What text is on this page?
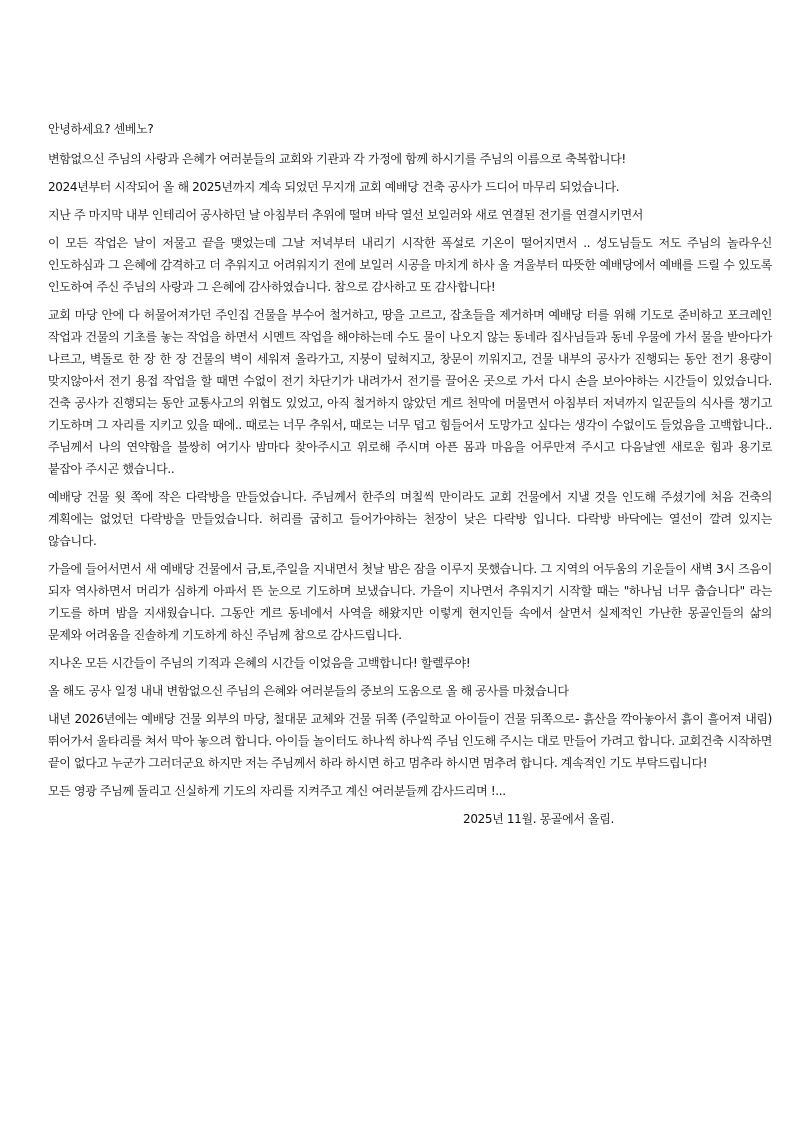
안녕하세요? 센베노?

변함없으신 주님의 사랑과 은혜가 여러분들의 교회와 기관과 각 가정에 함께 하시기를 주님의 이름으로 축복합니다!

2024년부터 시작되어 올 해 2025년까지 계속 되었던 무지개 교회 예배당 건축 공사가 드디어 마무리 되었습니다.

지난 주 마지막 내부 인테리어 공사하던 날 아침부터 추위에 떨며 바닥 열선 보일러와 새로 연결된 전기를 연결시키면서

이 모든 작업은 날이 저물고 끝을 맺었는데 그날 저녁부터 내리기 시작한 폭설로 기온이 떨어지면서 .. 성도님들도 저도 주님의 놀라우신 인도하심과 그 은혜에 감격하고 더 추워지고 어려워지기 전에 보일러 시공을 마치게 하사 올 겨울부터 따뜻한 예배당에서 예배를 드릴 수 있도록 인도하여 주신 주님의 사랑과 그 은혜에 감사하였습니다. 참으로 감사하고 또 감사합니다!

교회 마당 안에 다 허물어져가던 주인집 건물을 부수어 철거하고, 땅을 고르고, 잡초들을 제거하며 예배당 터를 위해 기도로 준비하고 포크레인 작업과 건물의 기초를 놓는 작업을 하면서 시멘트 작업을 해야하는데 수도 물이 나오지 않는 동네라 집사님들과 동네 우물에 가서 물을 받아다가 나르고, 벽돌로 한 장 한 장 건물의 벽이 세워져 올라가고, 지붕이 덮혀지고, 창문이 끼워지고, 건물 내부의 공사가 진행되는 동안 전기 용량이 맞지않아서 전기 용접 작업을 할 때면 수없이 전기 차단기가 내려가서 전기를 끌어온 곳으로 가서 다시 손을 보아야하는 시간들이 있었습니다. 건축 공사가 진행되는 동안 교통사고의 위협도 있었고, 아직 철거하지 않았던 게르 천막에 머물면서 아침부터 저녁까지 일꾼들의 식사를 챙기고 기도하며 그 자리를 지키고 있을 때에.. 때로는 너무 추워서, 때로는 너무 덥고 힘들어서 도망가고 싶다는 생각이 수없이도 들었음을 고백합니다.. 주님께서 나의 연약함을 불쌍히 여기사 밤마다 찾아주시고 위로해 주시며 아픈 몸과 마음을 어루만져 주시고 다음날엔 새로운 힘과 용기로 붙잡아 주시곤 했습니다..

예배당 건물 윗 쪽에 작은 다락방을 만들었습니다. 주님께서 한주의 며칠씩 만이라도 교회 건물에서 지낼 것을 인도해 주셨기에 처음 건축의 계획에는 없었던 다락방을 만들었습니다. 허리를 굽히고 들어가야하는 천장이 낮은 다락방 입니다. 다락방 바닥에는 열선이 깔려 있지는 않습니다.

가을에 들어서면서 새 예배당 건물에서 금,토,주일을 지내면서 첫날 밤은 잠을 이루지 못했습니다. 그 지역의 어두움의 기운들이 새벽 3시 즈음이 되자 역사하면서 머리가 심하게 아파서 뜬 눈으로 기도하며 보냈습니다. 가을이 지나면서 추워지기 시작할 때는 "하나님 너무 춥습니다" 라는 기도를 하며 밤을 지새웠습니다. 그동안 게르 동네에서 사역을 해왔지만 이렇게 현지인들 속에서 살면서 실제적인 가난한 몽골인들의 삶의 문제와 어려움을 진솔하게 기도하게 하신 주님께 참으로 감사드립니다.

지나온 모든 시간들이 주님의 기적과 은혜의 시간들 이었음을 고백합니다! 할렐루야!

올 해도 공사 일정 내내 변함없으신 주님의 은혜와 여러분들의 중보의 도움으로 올 해 공사를 마쳤습니다

내년 2026년에는 예배당 건물 외부의 마당, 철대문 교체와 건물 뒤쪽 (주일학교 아이들이 건물 뒤쪽으로- 흙산을 깍아놓아서 흙이 흘어져 내림) 뛰어가서 울타리를 쳐서 막아 놓으려 합니다. 아이들 놀이터도 하나씩 하나씩 주님 인도해 주시는 대로 만들어 가려고 합니다. 교회건축 시작하면 끝이 없다고 누군가 그러더군요 하지만 저는 주님께서 하라 하시면 하고 멈추라 하시면 멈추려 합니다. 계속적인 기도 부탁드립니다!

모든 영광 주님께 돌리고 신실하게 기도의 자리를 지켜주고 계신 여러분들께 감사드리며 !...

2025년 11월. 몽골에서 올림.
